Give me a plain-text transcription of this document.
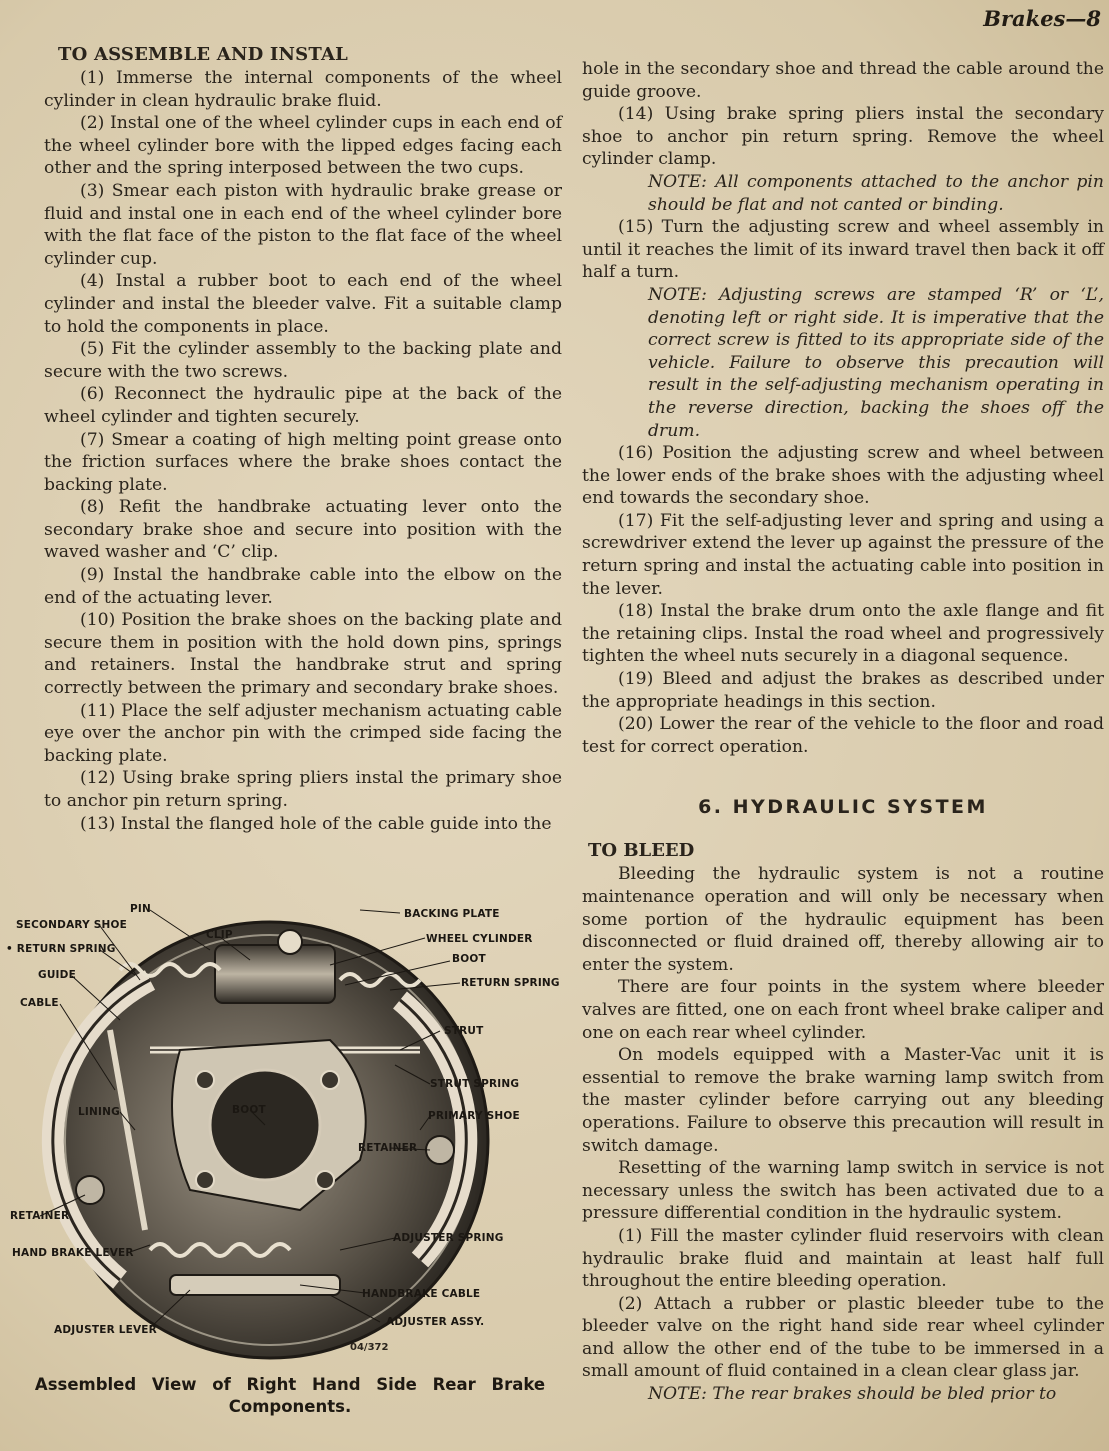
Brakes—8
TO ASSEMBLE AND INSTAL

(1) Immerse the internal components of the wheel cylinder in clean hydraulic brake fluid.

(2) Instal one of the wheel cylinder cups in each end of the wheel cylinder bore with the lipped edges facing each other and the spring interposed between the two cups.

(3) Smear each piston with hydraulic brake grease or fluid and instal one in each end of the wheel cylinder bore with the flat face of the piston to the flat face of the wheel cylinder cup.

(4) Instal a rubber boot to each end of the wheel cylinder and instal the bleeder valve. Fit a suitable clamp to hold the components in place.

(5) Fit the cylinder assembly to the backing plate and secure with the two screws.

(6) Reconnect the hydraulic pipe at the back of the wheel cylinder and tighten securely.

(7) Smear a coating of high melting point grease onto the friction surfaces where the brake shoes contact the backing plate.

(8) Refit the handbrake actuating lever onto the secondary brake shoe and secure into position with the waved washer and ‘C’ clip.

(9) Instal the handbrake cable into the elbow on the end of the actuating lever.

(10) Position the brake shoes on the backing plate and secure them in position with the hold down pins, springs and retainers. Instal the handbrake strut and spring correctly between the primary and secondary brake shoes.

(11) Place the self adjuster mechanism actuating cable eye over the anchor pin with the crimped side facing the backing plate.

(12) Using brake spring pliers instal the primary shoe to anchor pin return spring.

(13) Instal the flanged hole of the cable guide into the

PIN
SECONDARY SHOE
CLIP
• RETURN SPRING
GUIDE
CABLE
BACKING PLATE
WHEEL CYLINDER
BOOT
RETURN SPRING
STRUT
STRUT SPRING
PRIMARY SHOE
LINING	BOOT
RETAINER
RETAINER
HAND BRAKE LEVER
ADJUSTER SPRING
HANDBRAKE CABLE
ADJUSTER ASSY.
ADJUSTER LEVER
04/372
Assembled View of Right Hand Side Rear Brake Components.

hole in the secondary shoe and thread the cable around the guide groove.

(14) Using brake spring pliers instal the secondary shoe to anchor pin return spring. Remove the wheel cylinder clamp.

NOTE: All components attached to the anchor pin should be flat and not canted or binding.

(15) Turn the adjusting screw and wheel assembly in until it reaches the limit of its inward travel then back it off half a turn.

NOTE: Adjusting screws are stamped ‘R’ or ‘L’, denoting left or right side. It is imperative that the correct screw is fitted to its appropriate side of the vehicle. Failure to observe this precaution will result in the self-adjusting mechanism operating in the reverse direction, backing the shoes off the drum.

(16) Position the adjusting screw and wheel between the lower ends of the brake shoes with the adjusting wheel end towards the secondary shoe.

(17) Fit the self-adjusting lever and spring and using a screwdriver extend the lever up against the pressure of the return spring and instal the actuating cable into position in the lever.

(18) Instal the brake drum onto the axle flange and fit the retaining clips. Instal the road wheel and progressively tighten the wheel nuts securely in a diagonal sequence.

(19) Bleed and adjust the brakes as described under the appropriate headings in this section.

(20) Lower the rear of the vehicle to the floor and road test for correct operation.

6. HYDRAULIC SYSTEM
TO BLEED

Bleeding the hydraulic system is not a routine maintenance operation and will only be necessary when some portion of the hydraulic equipment has been disconnected or fluid drained off, thereby allowing air to enter the system.

There are four points in the system where bleeder valves are fitted, one on each front wheel brake caliper and one on each rear wheel cylinder.

On models equipped with a Master-Vac unit it is essential to remove the brake warning lamp switch from the master cylinder before carrying out any bleeding operations. Failure to observe this precaution will result in switch damage.

Resetting of the warning lamp switch in service is not necessary unless the switch has been activated due to a pressure differential condition in the hydraulic system.

(1) Fill the master cylinder fluid reservoirs with clean hydraulic brake fluid and maintain at least half full throughout the entire bleeding operation.

(2) Attach a rubber or plastic bleeder tube to the bleeder valve on the right hand side rear wheel cylinder and allow the other end of the tube to be immersed in a small amount of fluid contained in a clean clear glass jar.

NOTE: The rear brakes should be bled prior to
